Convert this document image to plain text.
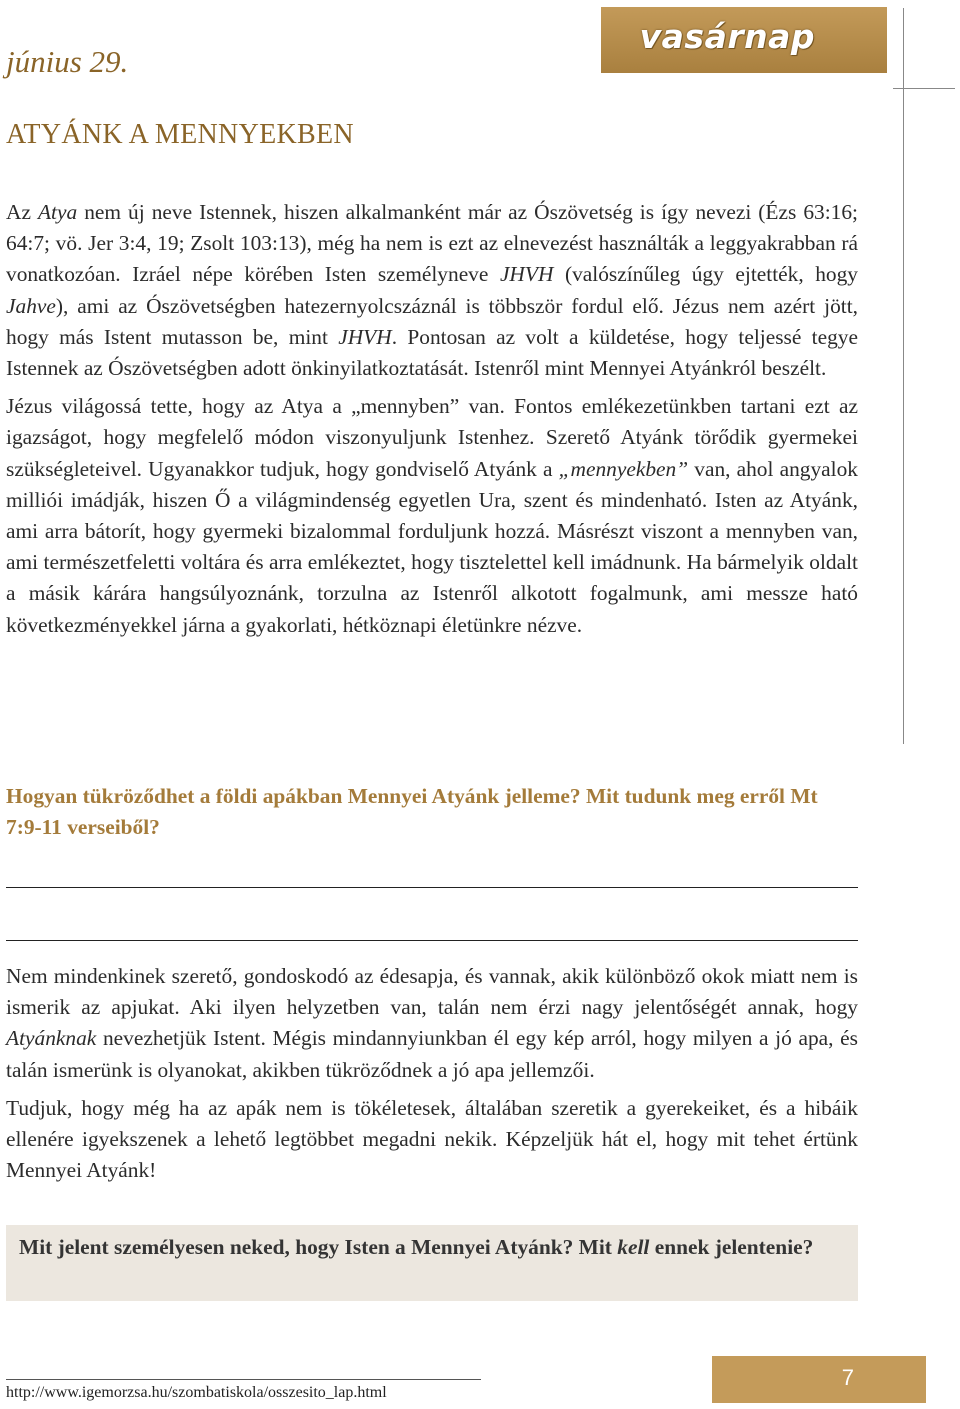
június 29.
vasárnap
ATYÁNK A MENNYEKBEN

Az Atya nem új neve Istennek, hiszen alkalmanként már az Ószövetség is így nevezi (Ézs 63:16; 64:7; vö. Jer 3:4, 19; Zsolt 103:13), még ha nem is ezt az elnevezést használták a leggyakrabban rá vonatkozóan. Izráel népe körében Isten személyneve JHVH (valószínűleg úgy ejtették, hogy Jahve), ami az Ószövetségben hatezernyolcszáznál is többször fordul elő. Jézus nem azért jött, hogy más Istent mutasson be, mint JHVH. Pontosan az volt a küldetése, hogy teljessé tegye Istennek az Ószövetségben adott önkinyilatkoztatását. Istenről mint Mennyei Atyánkról beszélt.

Jézus világossá tette, hogy az Atya a „mennyben” van. Fontos emlékezetünkben tartani ezt az igazságot, hogy megfelelő módon viszonyuljunk Istenhez. Szerető Atyánk törődik gyermekei szükségleteivel. Ugyanakkor tudjuk, hogy gondviselő Atyánk a „mennyekben” van, ahol angyalok milliói imádják, hiszen Ő a világmindenség egyetlen Ura, szent és mindenható. Isten az Atyánk, ami arra bátorít, hogy gyermeki bizalommal forduljunk hozzá. Másrészt viszont a mennyben van, ami természetfeletti voltára és arra emlékeztet, hogy tisztelettel kell imádnunk. Ha bármelyik oldalt a másik kárára hangsúlyoznánk, torzulna az Istenről alkotott fogalmunk, ami messze ható következményekkel járna a gyakorlati, hétköznapi életünkre nézve.

Hogyan tükröződhet a földi apákban Mennyei Atyánk jelleme? Mit tudunk meg erről Mt 7:9-11 verseiből?

Nem mindenkinek szerető, gondoskodó az édesapja, és vannak, akik különböző okok miatt nem is ismerik az apjukat. Aki ilyen helyzetben van, talán nem érzi nagy jelentőségét annak, hogy Atyánknak nevezhetjük Istent. Mégis mindannyiunkban él egy kép arról, hogy milyen a jó apa, és talán ismerünk is olyanokat, akikben tükröződnek a jó apa jellemzői.

Tudjuk, hogy még ha az apák nem is tökéletesek, általában szeretik a gyerekeiket, és a hibáik ellenére igyekszenek a lehető legtöbbet megadni nekik. Képzeljük hát el, hogy mit tehet értünk Mennyei Atyánk!

Mit jelent személyesen neked, hogy Isten a Mennyei Atyánk? Mit kell ennek jelentenie?

http://www.igemorzsa.hu/szombatiskola/osszesito_lap.html
7
